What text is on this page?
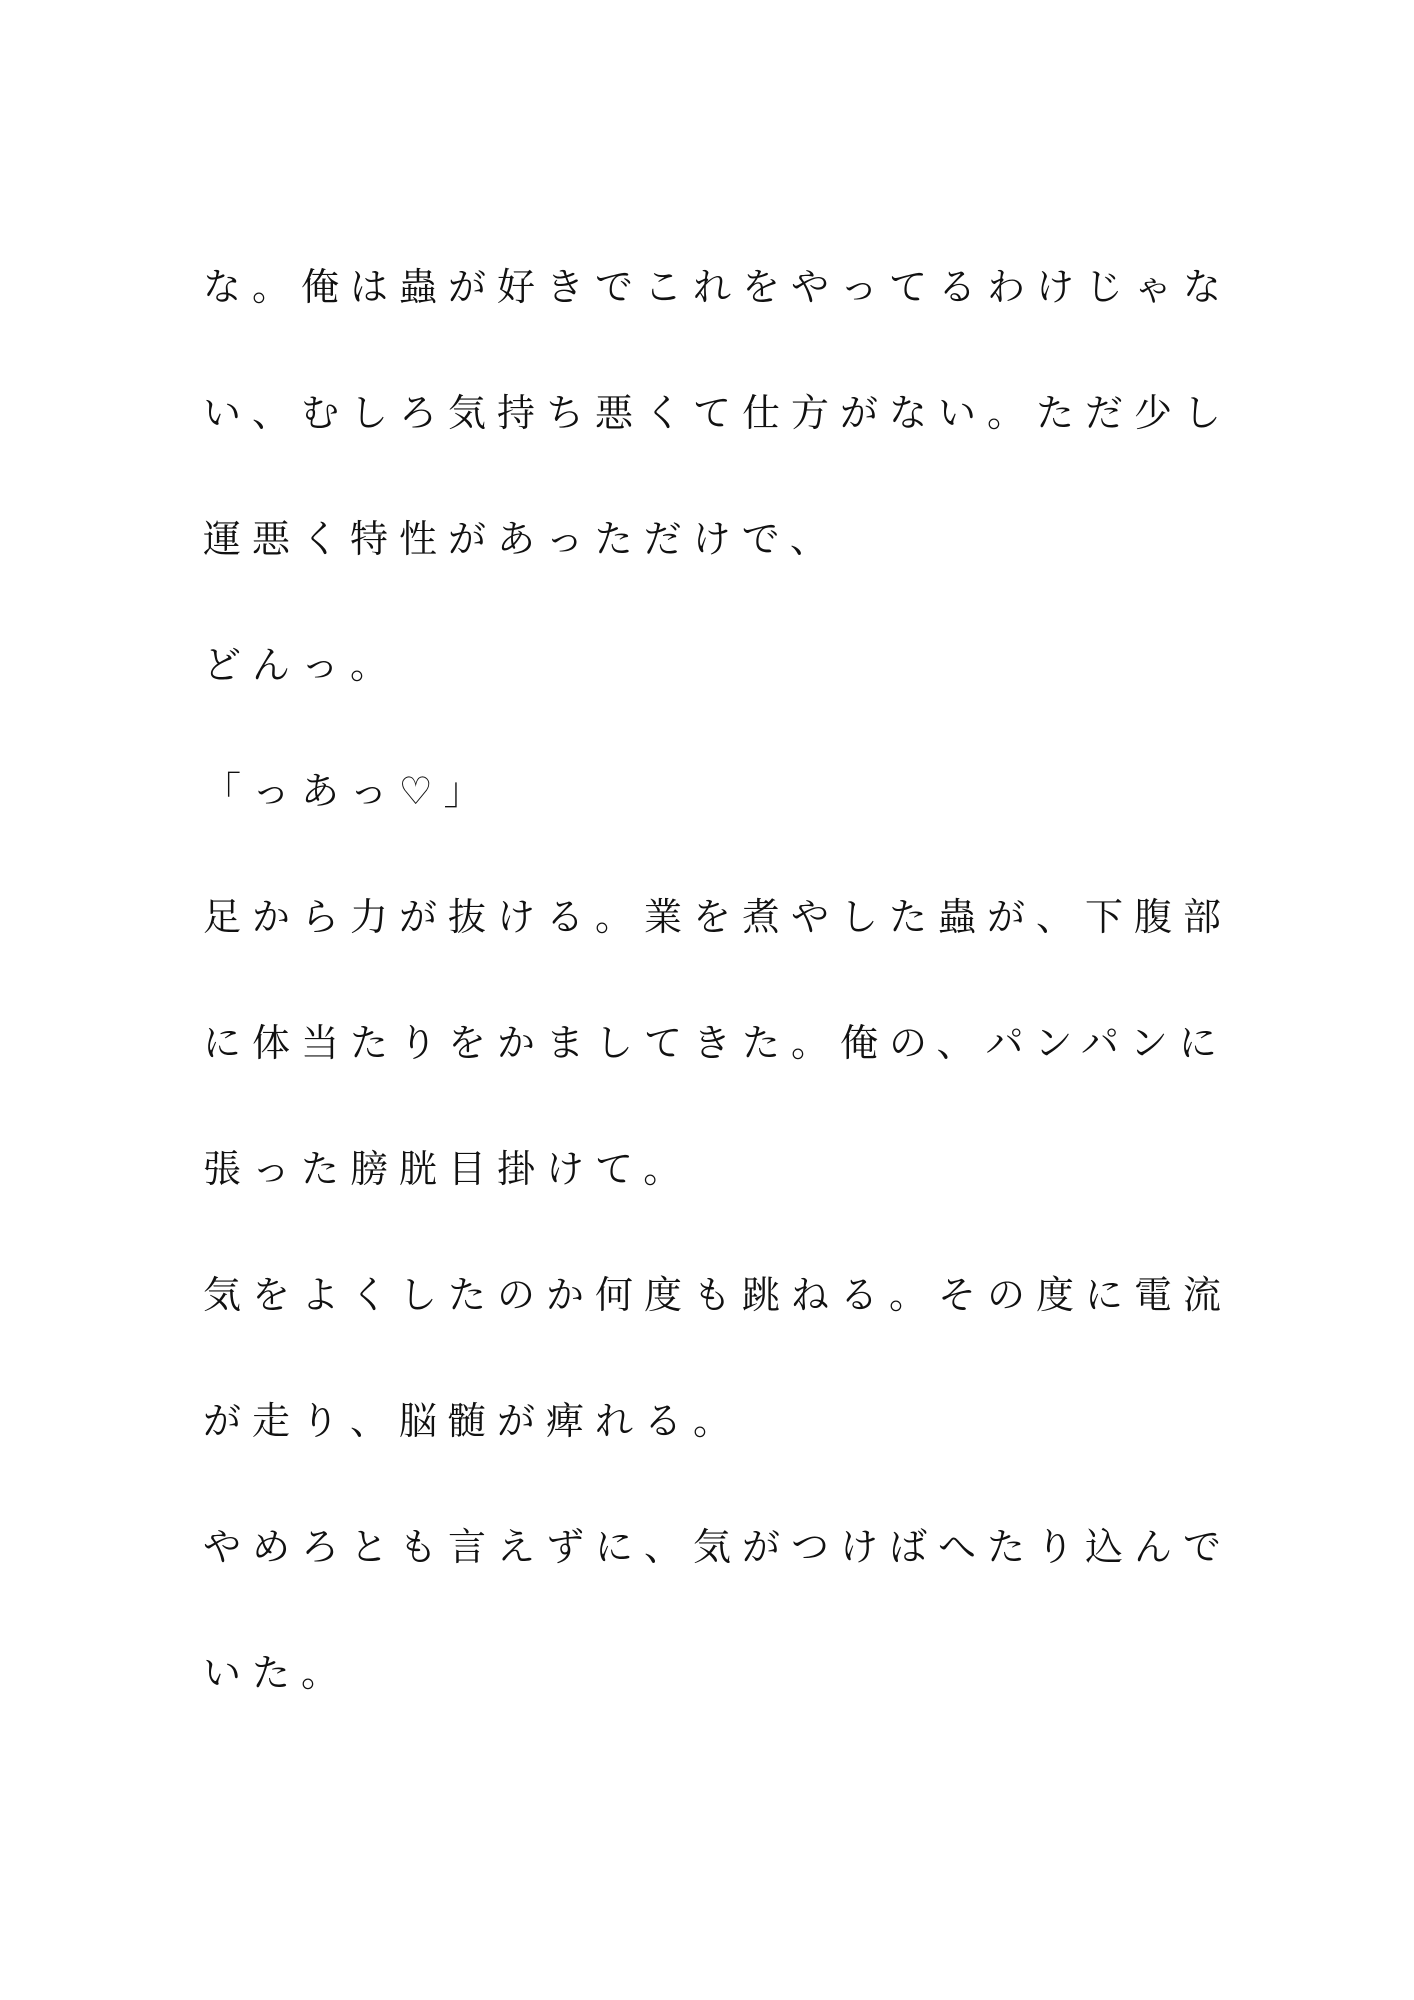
な。俺は蟲が好きでこれをやってるわけじゃな

い、むしろ気持ち悪くて仕方がない。ただ少し

運悪く特性があっただけで、

どんっ。

「っあっ♡」

足から力が抜ける。業を煮やした蟲が、下腹部

に体当たりをかましてきた。俺の、パンパンに

張った膀胱目掛けて。

気をよくしたのか何度も跳ねる。その度に電流

が走り、脳髄が痺れる。

やめろとも言えずに、気がつけばへたり込んで

いた。
